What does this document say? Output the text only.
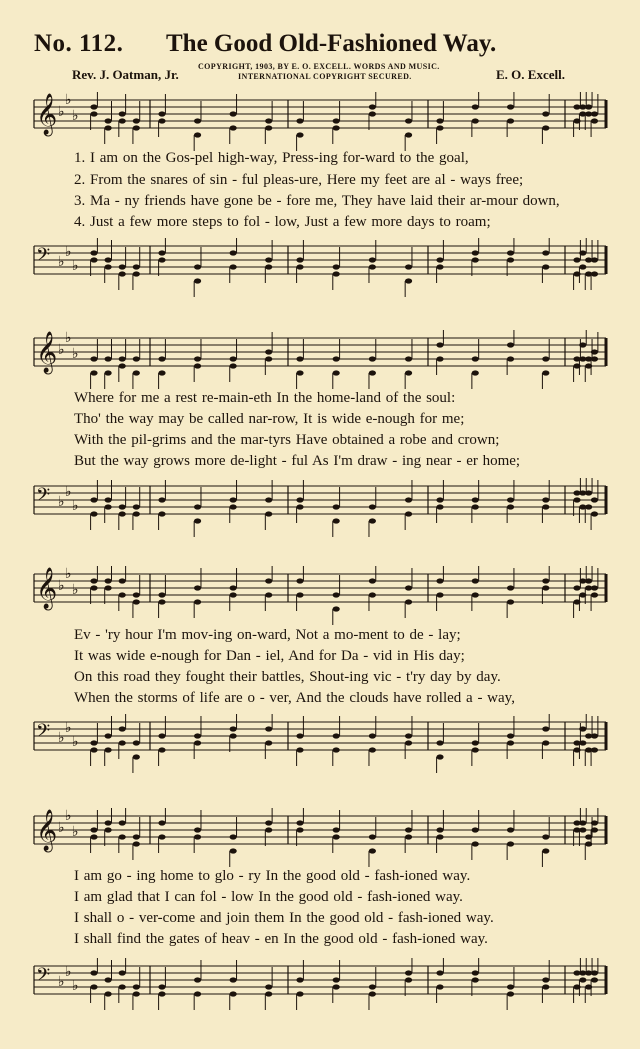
No. 112. The Good Old-Fashioned Way.
COPYRIGHT, 1903, BY E. O. EXCELL. WORDS AND MUSIC.
INTERNATIONAL COPYRIGHT SECURED.
Rev. J. Oatman, Jr.	E. O. Excell.
𝄞 ♭
♭
♭
1. I am on the Gos-pel high-way, Press-ing for-ward to the goal,
2. From the snares of sin - ful pleas-ure, Here my feet are al - ways free;
3. Ma - ny friends have gone be - fore me, They have laid their ar-mour down,
4. Just a few more steps to fol - low, Just a few more days to roam;
𝄢 ♭
♭
♭
𝄞 ♭
♭
♭
Where for me a rest re-main-eth In the home-land of the soul:
Tho' the way may be called nar-row, It is wide e-nough for me;
With the pil-grims and the mar-tyrs Have obtained a robe and crown;
But the way grows more de-light - ful As I'm draw - ing near - er home;
𝄢 ♭
♭
♭
𝄞 ♭
♭
♭
Ev - 'ry hour I'm mov-ing on-ward, Not a mo-ment to de - lay;
It was wide e-nough for Dan - iel, And for Da - vid in His day;
On this road they fought their battles, Shout-ing vic - t'ry day by day.
When the storms of life are o - ver, And the clouds have rolled a - way,
𝄢 ♭
♭
♭
𝄞 ♭
♭
♭
I am go - ing home to glo - ry In the good old - fash-ioned way.
I am glad that I can fol - low In the good old - fash-ioned way.
I shall o - ver-come and join them In the good old - fash-ioned way.
I shall find the gates of heav - en In the good old - fash-ioned way.
𝄢 ♭
♭
♭
